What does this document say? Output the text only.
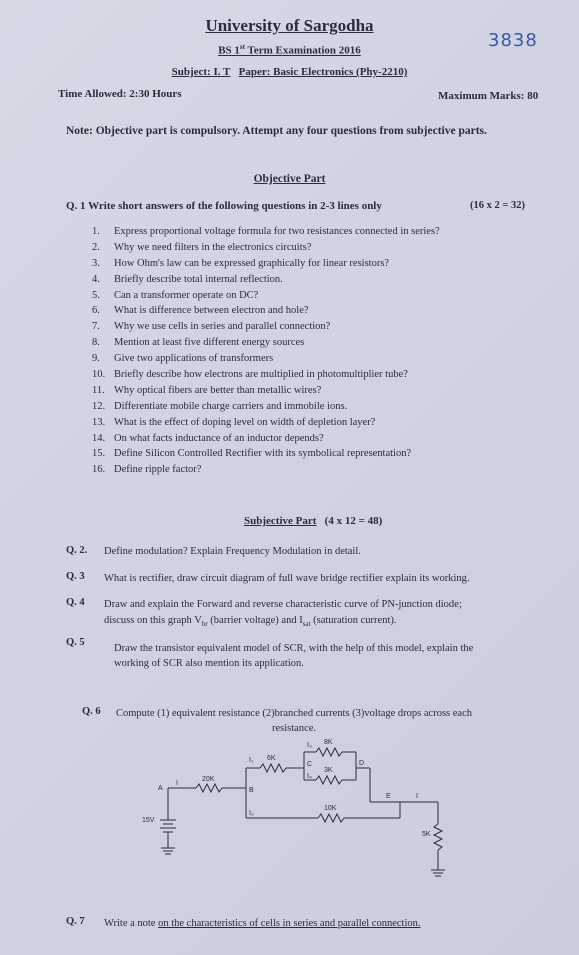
University of Sargodha
BS 1st Term Examination 2016
Subject: I. T Paper: Basic Electronics (Phy-2210)
3838
Time Allowed: 2:30 Hours	Maximum Marks: 80
Note: Objective part is compulsory. Attempt any four questions from subjective parts.
Objective Part
Q. 1 Write short answers of the following questions in 2-3 lines only	(16 x 2 = 32)
1. Express proportional voltage formula for two resistances connected in series?
2. Why we need filters in the electronics circuits?
3. How Ohm's law can be expressed graphically for linear resistors?
4. Briefly describe total internal reflection.
5. Can a transformer operate on DC?
6. What is difference between electron and hole?
7. Why we use cells in series and parallel connection?
8. Mention at least five different energy sources
9. Give two applications of transformers
10. Briefly describe how electrons are multiplied in photomultiplier tube?
11. Why optical fibers are better than metallic wires?
12. Differentiate mobile charge carriers and immobile ions.
13. What is the effect of doping level on width of depletion layer?
14. On what facts inductance of an inductor depends?
15. Define Silicon Controlled Rectifier with its symbolical representation?
16. Define ripple factor?
Subjective Part (4 x 12 = 48)
Q. 2. Define modulation? Explain Frequency Modulation in detail.
Q. 3 What is rectifier, draw circuit diagram of full wave bridge rectifier explain its working.
Q. 4 Draw and explain the Forward and reverse characteristic curve of PN-junction diode;
discuss on this graph $V_{br}$ (barrier voltage) and $I_{sat}$ (saturation current).
Q. 5
Draw the transistor equivalent model of SCR, with the help of this model, explain the
working of SCR also mention its application.
Q. 6 Compute (1) equivalent resistance (2)branched currents (3)voltage drops across each
resistance.
A
I
20K
B
I₁ 6K
I₃ 8K
C
I₄
3K
D
I₂
10K
E	I
5K
15V
Q. 7 Write a note on the characteristics of cells in series and parallel connection.
